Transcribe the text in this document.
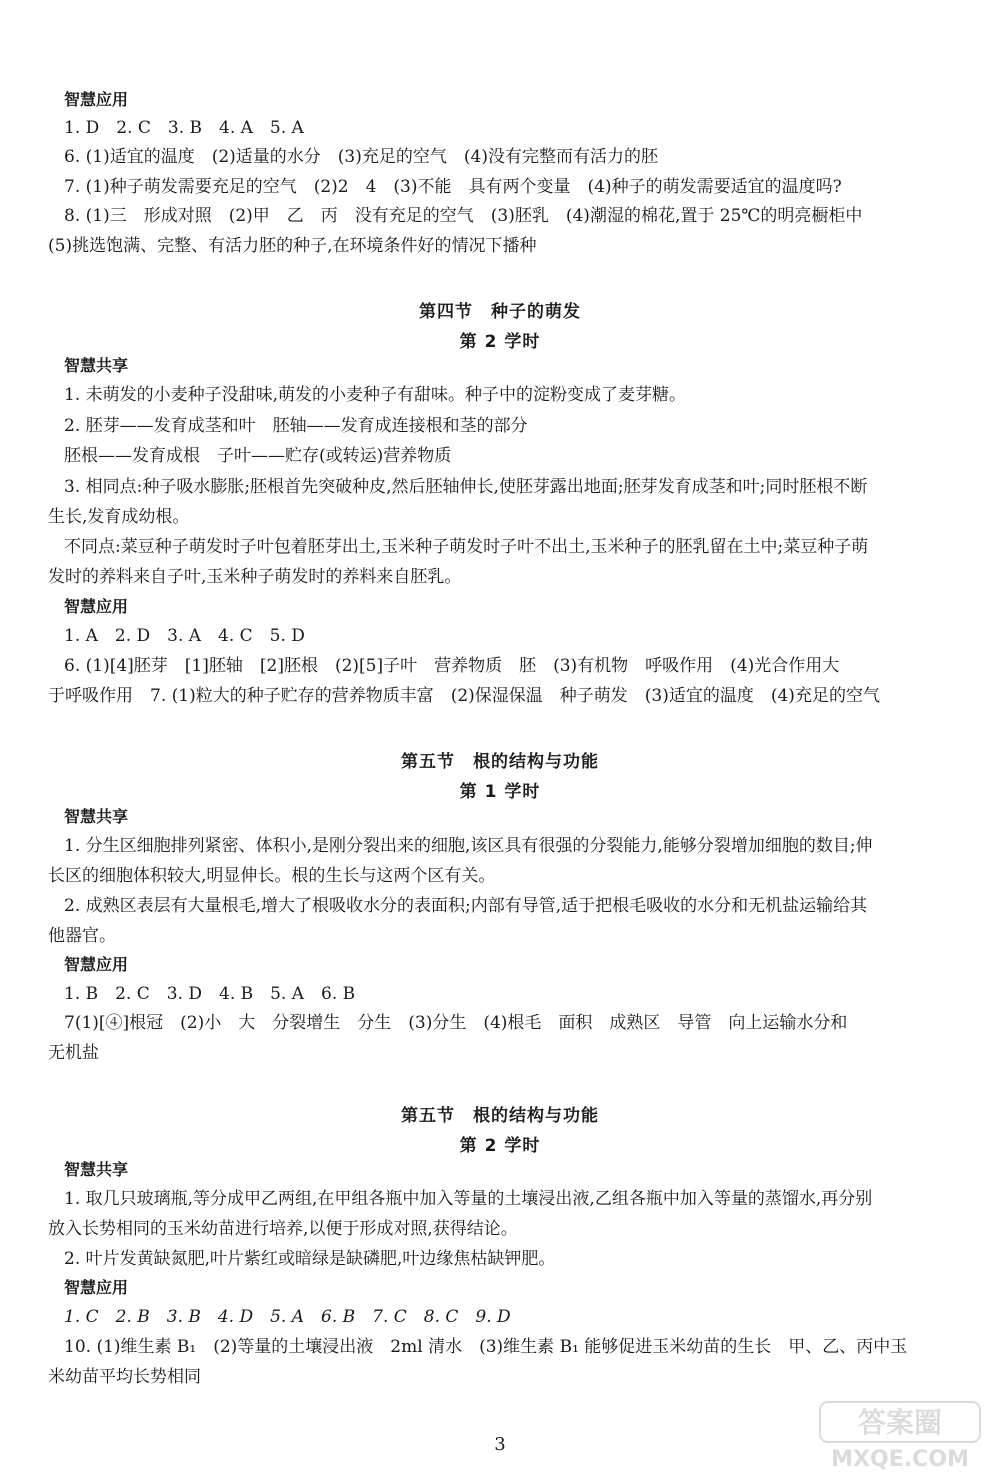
智慧应用
1. D　2. C　3. B　4. A　5. A
6. (1)适宜的温度　(2)适量的水分　(3)充足的空气　(4)没有完整而有活力的胚
7. (1)种子萌发需要充足的空气　(2)2　4　(3)不能　具有两个变量　(4)种子的萌发需要适宜的温度吗?
8. (1)三　形成对照　(2)甲　乙　丙　没有充足的空气　(3)胚乳　(4)潮湿的棉花,置于 25℃的明亮橱柜中
(5)挑选饱满、完整、有活力胚的种子,在环境条件好的情况下播种
第四节　种子的萌发
第 2 学时
智慧共享
1. 未萌发的小麦种子没甜味,萌发的小麦种子有甜味。种子中的淀粉变成了麦芽糖。
2. 胚芽——发育成茎和叶　胚轴——发育成连接根和茎的部分
胚根——发育成根　子叶——贮存(或转运)营养物质
3. 相同点:种子吸水膨胀;胚根首先突破种皮,然后胚轴伸长,使胚芽露出地面;胚芽发育成茎和叶;同时胚根不断
生长,发育成幼根。
不同点:菜豆种子萌发时子叶包着胚芽出土,玉米种子萌发时子叶不出土,玉米种子的胚乳留在土中;菜豆种子萌
发时的养料来自子叶,玉米种子萌发时的养料来自胚乳。
智慧应用
1. A　2. D　3. A　4. C　5. D
6. (1)[4]胚芽　[1]胚轴　[2]胚根　(2)[5]子叶　营养物质　胚　(3)有机物　呼吸作用　(4)光合作用大
于呼吸作用　7. (1)粒大的种子贮存的营养物质丰富　(2)保湿保温　种子萌发　(3)适宜的温度　(4)充足的空气
第五节　根的结构与功能
第 1 学时
智慧共享
1. 分生区细胞排列紧密、体积小,是刚分裂出来的细胞,该区具有很强的分裂能力,能够分裂增加细胞的数目;伸
长区的细胞体积较大,明显伸长。根的生长与这两个区有关。
2. 成熟区表层有大量根毛,增大了根吸收水分的表面积;内部有导管,适于把根毛吸收的水分和无机盐运输给其
他器官。
智慧应用
1. B　2. C　3. D　4. B　5. A　6. B
7(1)[④]根冠　(2)小　大　分裂增生　分生　(3)分生　(4)根毛　面积　成熟区　导管　向上运输水分和
无机盐
第五节　根的结构与功能
第 2 学时
智慧共享
1. 取几只玻璃瓶,等分成甲乙两组,在甲组各瓶中加入等量的土壤浸出液,乙组各瓶中加入等量的蒸馏水,再分别
放入长势相同的玉米幼苗进行培养,以便于形成对照,获得结论。
2. 叶片发黄缺氮肥,叶片紫红或暗绿是缺磷肥,叶边缘焦枯缺钾肥。
智慧应用
1. C　2. B　3. B　4. D　5. A　6. B　7. C　8. C　9. D
10. (1)维生素 B₁　(2)等量的土壤浸出液　2ml 清水　(3)维生素 B₁ 能够促进玉米幼苗的生长　甲、乙、丙中玉
米幼苗平均长势相同
3
答案圈
MXQE.COM
